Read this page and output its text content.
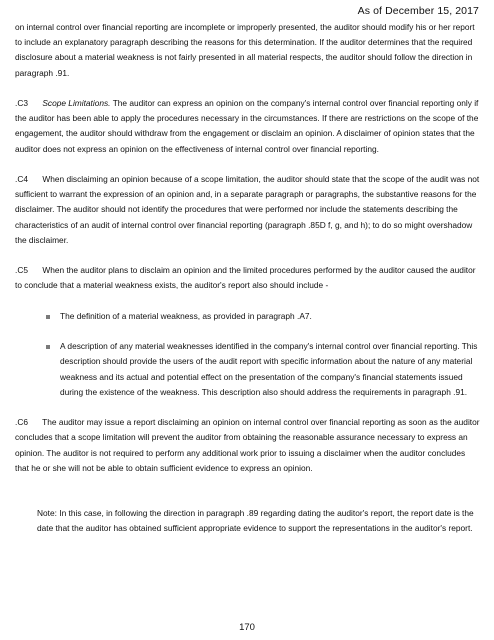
As of December 15, 2017

on internal control over financial reporting are incomplete or improperly presented, the auditor should modify his or her report to include an explanatory paragraph describing the reasons for this determination. If the auditor determines that the required disclosure about a material weakness is not fairly presented in all material respects, the auditor should follow the direction in paragraph .91.

.C3 Scope Limitations. The auditor can express an opinion on the company's internal control over financial reporting only if the auditor has been able to apply the procedures necessary in the circumstances. If there are restrictions on the scope of the engagement, the auditor should withdraw from the engagement or disclaim an opinion. A disclaimer of opinion states that the auditor does not express an opinion on the effectiveness of internal control over financial reporting.

.C4 When disclaiming an opinion because of a scope limitation, the auditor should state that the scope of the audit was not sufficient to warrant the expression of an opinion and, in a separate paragraph or paragraphs, the substantive reasons for the disclaimer. The auditor should not identify the procedures that were performed nor include the statements describing the characteristics of an audit of internal control over financial reporting (paragraph .85D f, g, and h); to do so might overshadow the disclaimer.

.C5 When the auditor plans to disclaim an opinion and the limited procedures performed by the auditor caused the auditor to conclude that a material weakness exists, the auditor's report also should include -

The definition of a material weakness, as provided in paragraph .A7.
A description of any material weaknesses identified in the company's internal control over financial reporting. This description should provide the users of the audit report with specific information about the nature of any material weakness and its actual and potential effect on the presentation of the company's financial statements issued during the existence of the weakness. This description also should address the requirements in paragraph .91.

.C6 The auditor may issue a report disclaiming an opinion on internal control over financial reporting as soon as the auditor concludes that a scope limitation will prevent the auditor from obtaining the reasonable assurance necessary to express an opinion. The auditor is not required to perform any additional work prior to issuing a disclaimer when the auditor concludes that he or she will not be able to obtain sufficient evidence to express an opinion.

Note: In this case, in following the direction in paragraph .89 regarding dating the auditor's report, the report date is the date that the auditor has obtained sufficient appropriate evidence to support the representations in the auditor's report.

170
